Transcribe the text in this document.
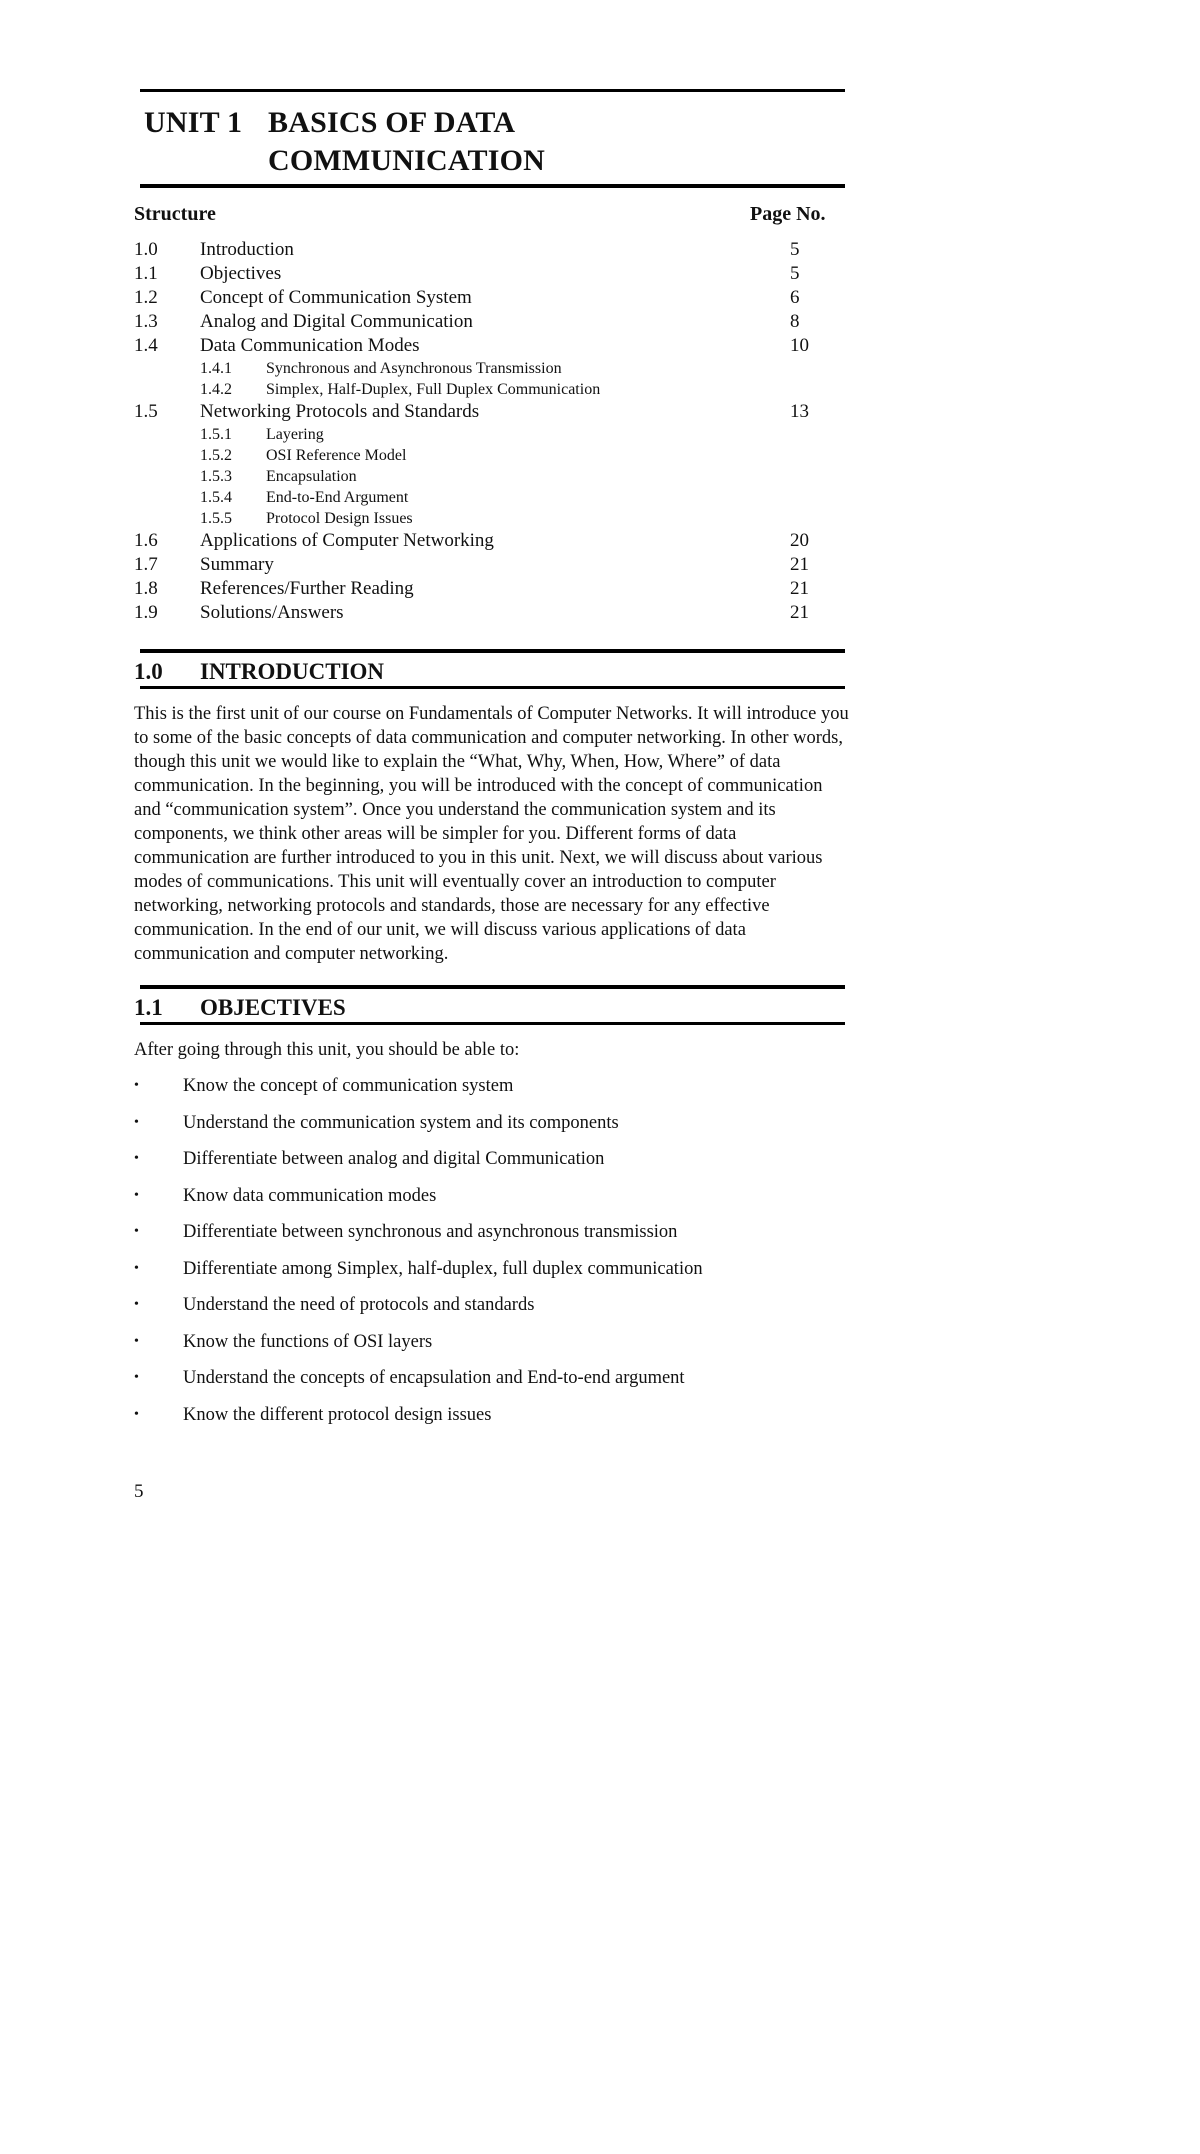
UNIT 1 BASICS OF DATA
COMMUNICATION
Structure	Page No.
1.0 Introduction	5
1.1 Objectives	5
1.2 Concept of Communication System	6
1.3 Analog and Digital Communication	8
1.4 Data Communication Modes	10
1.4.1 Synchronous and Asynchronous Transmission
1.4.2 Simplex, Half-Duplex, Full Duplex Communication
1.5 Networking Protocols and Standards	13
1.5.1 Layering
1.5.2 OSI Reference Model
1.5.3 Encapsulation
1.5.4 End-to-End Argument
1.5.5 Protocol Design Issues
1.6 Applications of Computer Networking	20
1.7 Summary	21
1.8 References/Further Reading	21
1.9 Solutions/Answers	21
1.0 INTRODUCTION

This is the first unit of our course on Fundamentals of Computer Networks. It will introduce you to some of the basic concepts of data communication and computer networking. In other words, though this unit we would like to explain the “What, Why, When, How, Where” of data communication. In the beginning, you will be introduced with the concept of communication and “communication system”. Once you understand the communication system and its components, we think other areas will be simpler for you. Different forms of data communication are further introduced to you in this unit. Next, we will discuss about various modes of communications. This unit will eventually cover an introduction to computer networking, networking protocols and standards, those are necessary for any effective communication. In the end of our unit, we will discuss various applications of data communication and computer networking.

1.1 OBJECTIVES
After going through this unit, you should be able to:
• Know the concept of communication system
• Understand the communication system and its components
• Differentiate between analog and digital Communication
• Know data communication modes
• Differentiate between synchronous and asynchronous transmission
• Differentiate among Simplex, half-duplex, full duplex communication
• Understand the need of protocols and standards
• Know the functions of OSI layers
• Understand the concepts of encapsulation and End-to-end argument
• Know the different protocol design issues
5
